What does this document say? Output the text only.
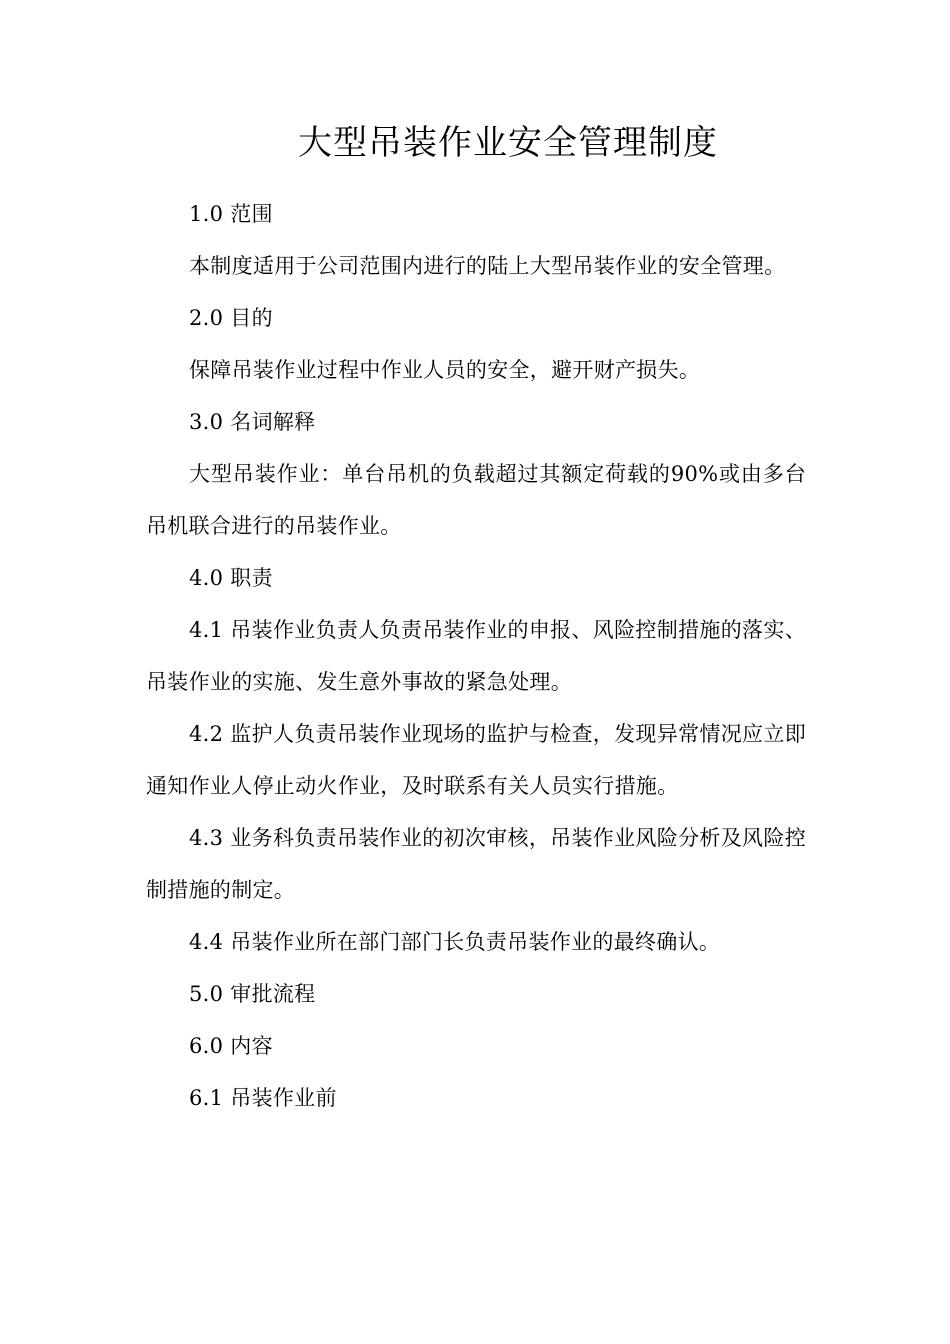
大型吊装作业安全管理制度

1.0 范围

本制度适用于公司范围内进行的陆上大型吊装作业的安全管理。

2.0 目的

保障吊装作业过程中作业人员的安全，避开财产损失。

3.0 名词解释

大型吊装作业：单台吊机的负载超过其额定荷载的90%或由多台吊机联合进行的吊装作业。

4.0 职责

4.1 吊装作业负责人负责吊装作业的申报、风险控制措施的落实、吊装作业的实施、发生意外事故的紧急处理。

4.2 监护人负责吊装作业现场的监护与检查，发现异常情况应立即通知作业人停止动火作业，及时联系有关人员实行措施。

4.3 业务科负责吊装作业的初次审核，吊装作业风险分析及风险控制措施的制定。

4.4 吊装作业所在部门部门长负责吊装作业的最终确认。

5.0 审批流程

6.0 内容

6.1 吊装作业前
